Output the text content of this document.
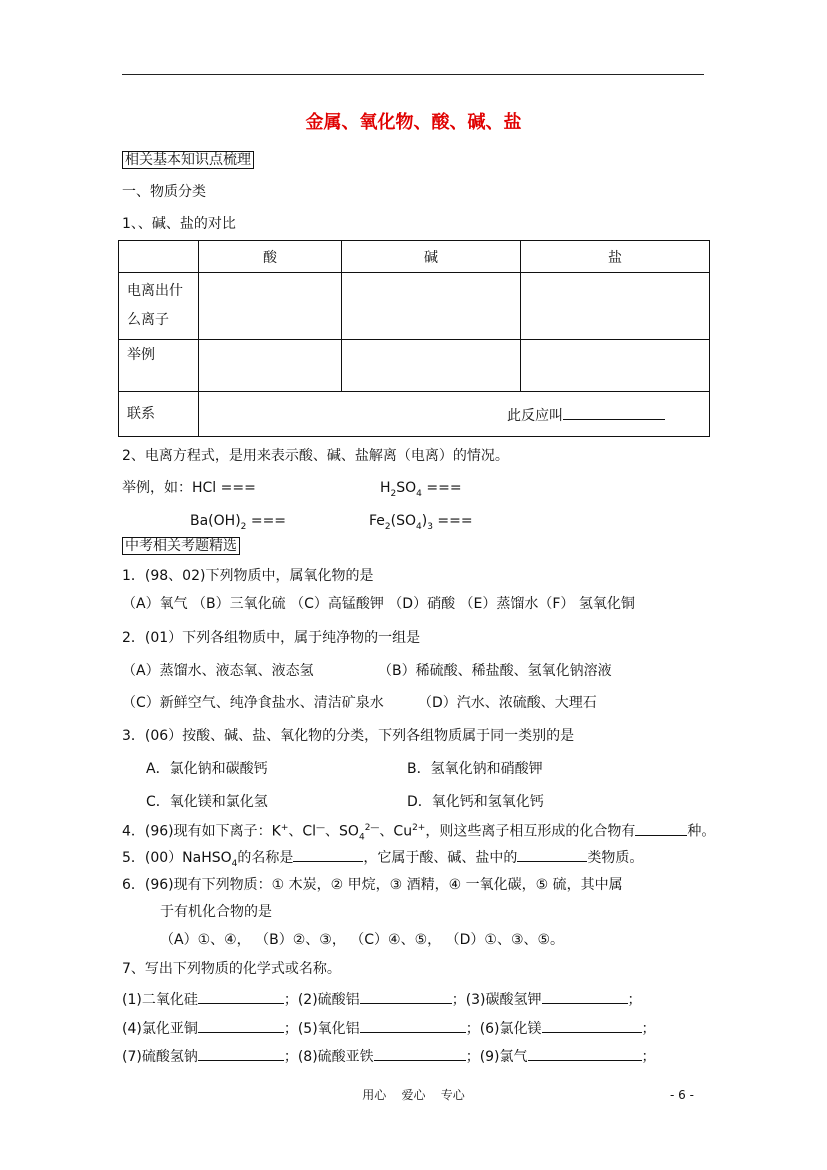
金属、氧化物、酸、碱、盐
相关基本知识点梳理
一、物质分类
1、、碱、盐的对比
	酸	碱	盐

电离出什
么离子			

举例			

联系	此反应叫		
2、电离方程式，是用来表示酸、碱、盐解离（电离）的情况。
举例，如：HCl ===	$H_2SO_4$ ===
$Ba(OH)_2$ ===	$Fe_2(SO_4)_3$ ===
中考相关考题精选
1．(98、02)下列物质中，属氧化物的是
（A）氧气 （B）三氧化硫 （C）高锰酸钾 （D）硝酸 （E）蒸馏水（F） 氢氧化铜
2．(01）下列各组物质中，属于纯净物的一组是
（A）蒸馏水、液态氧、液态氢	（B）稀硫酸、稀盐酸、氢氧化钠溶液
（C）新鲜空气、纯净食盐水、清洁矿泉水 （D）汽水、浓硫酸、大理石
3．(06）按酸、碱、盐、氧化物的分类，下列各组物质属于同一类别的是
A．氯化钠和碳酸钙	B．氢氧化钠和硝酸钾
C．氧化镁和氯化氢	D．氧化钙和氢氧化钙
4．(96)现有如下离子：K+、Cl—、$SO_4^{2—}$、$Cu^{2+}$，则这些离子相互形成的化合物有	种。
5．(00）NaHSO$_4$的名称是	，它属于酸、碱、盐中的	类物质。
6．(96)现有下列物质：① 木炭，② 甲烷，③ 酒精，④ 一氧化碳，⑤ 硫，其中属
于有机化合物的是
（A）①、④， （B）②、③， （C）④、⑤， （D）①、③、⑤。
7、写出下列物质的化学式或名称。
(1)二氧化硅	；(2)硫酸铝	；(3)碳酸氢钾	；
(4)氯化亚铜	；(5)氧化铝	；(6)氯化镁	；
(7)硫酸氢钠	；(8)硫酸亚铁	；(9)氯气	；
用心    爱心    专心	- 6 -
